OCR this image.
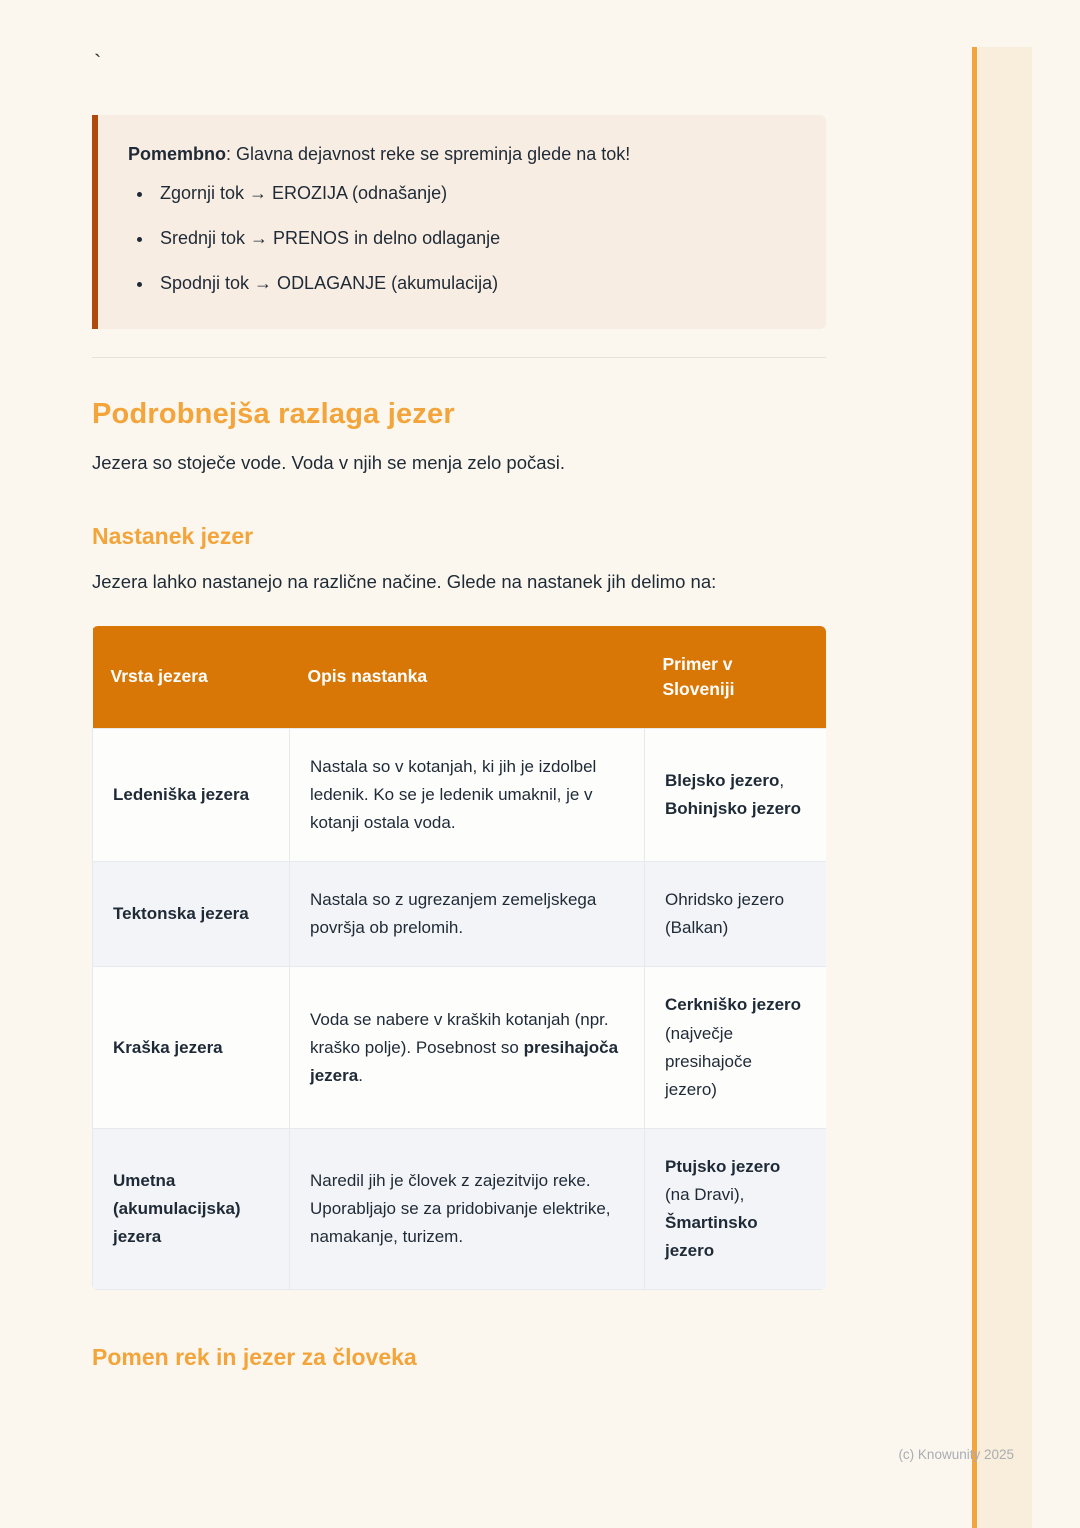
`

Pomembno: Glavna dejavnost reke se spreminja glede na tok!

• Zgornji tok → EROZIJA (odnašanje)
• Srednji tok → PRENOS in delno odlaganje
• Spodnji tok → ODLAGANJE (akumulacija)
Podrobnejša razlaga jezer

Jezera so stoječe vode. Voda v njih se menja zelo počasi.

Nastanek jezer

Jezera lahko nastanejo na različne načine. Glede na nastanek jih delimo na:

Vrsta jezera	Opis nastanka	Primer v Sloveniji
Ledeniška jezera	Nastala so v kotanjah, ki jih je izdolbel ledenik. Ko se je ledenik umaknil, je v kotanji ostala voda.	Blejsko jezero, Bohinjsko jezero
Tektonska jezera	Nastala so z ugrezanjem zemeljskega površja ob prelomih.	Ohridsko jezero (Balkan)
Kraška jezera	Voda se nabere v kraških kotanjah (npr. kraško polje). Posebnost so presihajoča jezera.	Cerkniško jezero (največje presihajoče jezero)
Umetna (akumulacijska) jezera	Naredil jih je človek z zajezitvijo reke. Uporabljajo se za pridobivanje elektrike, namakanje, turizem.	Ptujsko jezero (na Dravi), Šmartinsko jezero
Pomen rek in jezer za človeka
(c) Knowunity 2025
